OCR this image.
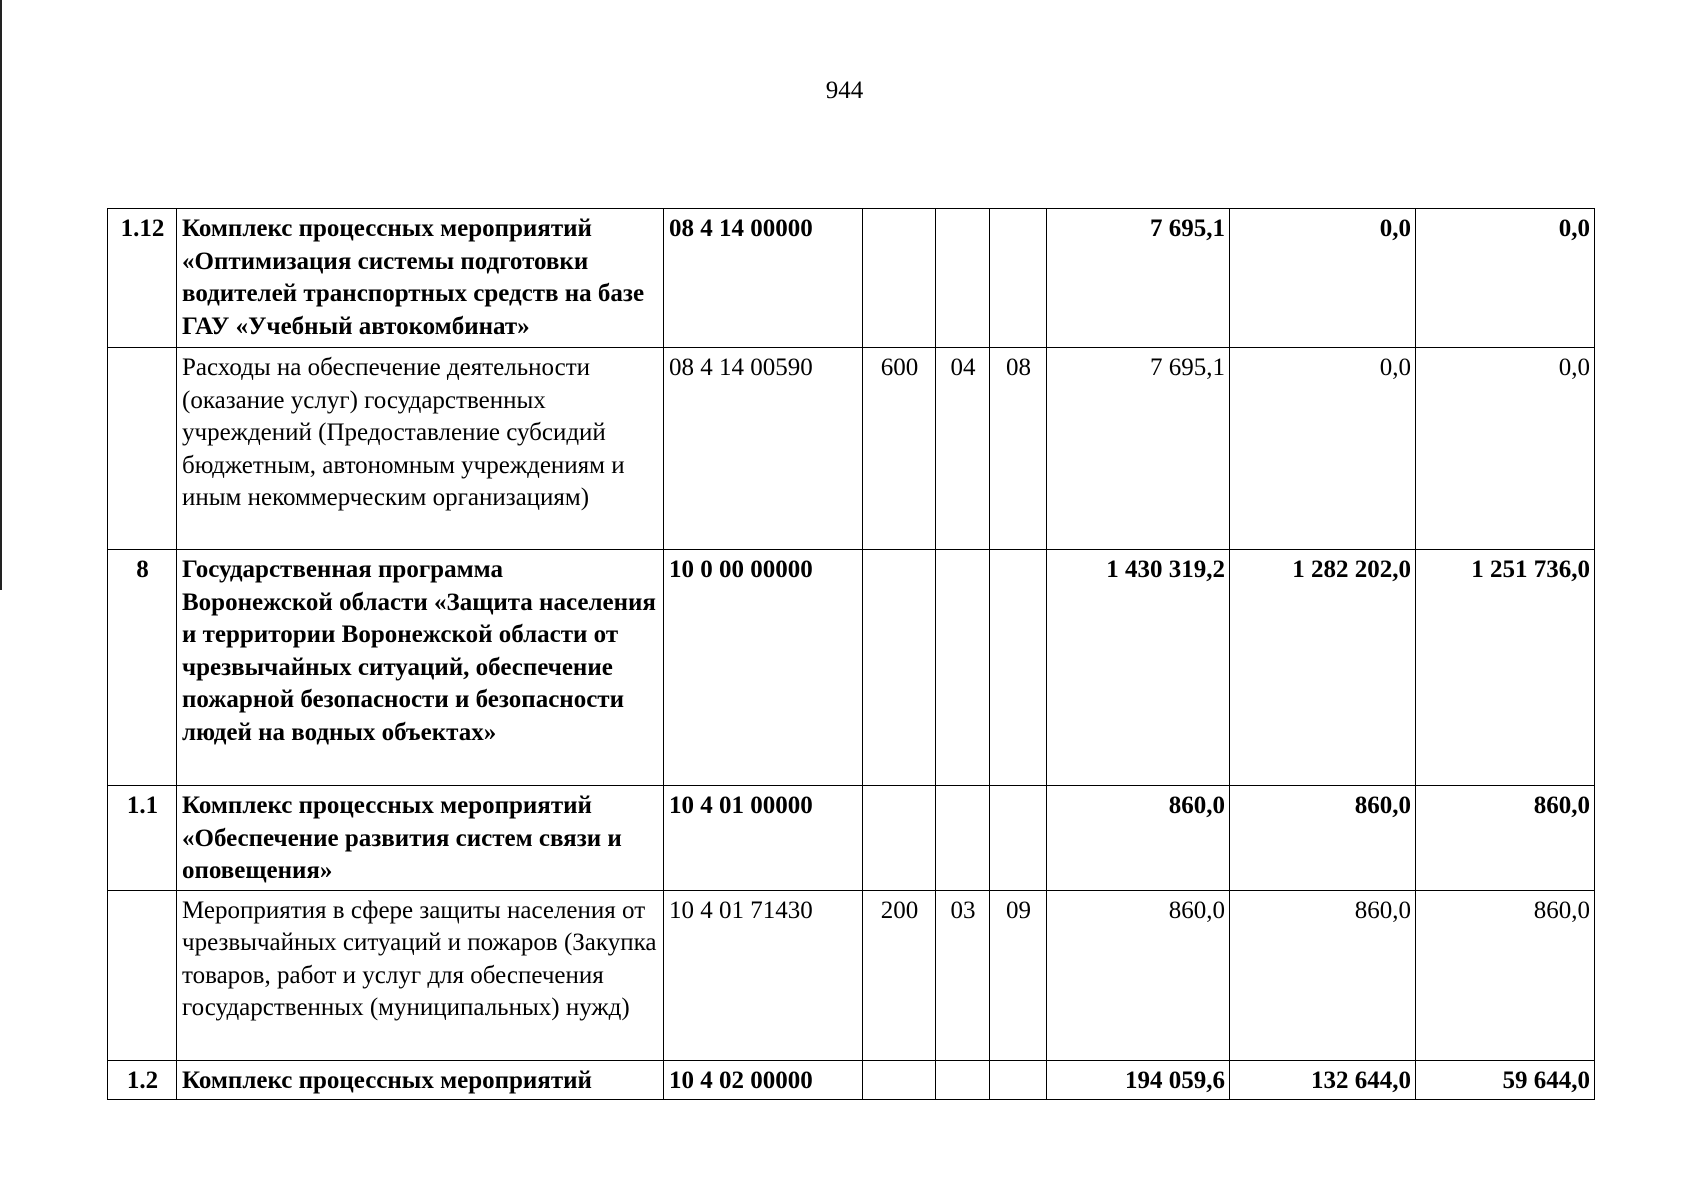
944
1.12	Комплекс процессных мероприятий «Оптимизация системы подготовки водителей транспортных средств на базе ГАУ «Учебный автокомбинат»	08 4 14 00000				7 695,1	0,0	0,0
	Расходы на обеспечение деятельности (оказание услуг) государственных учреждений (Предоставление субсидий бюджетным, автономным учреждениям и иным некоммерческим организациям)	08 4 14 00590	600	04	08	7 695,1	0,0	0,0
8	Государственная программа Воронежской области «Защита населения и территории Воронежской области от чрезвычайных ситуаций, обеспечение пожарной безопасности и безопасности людей на водных объектах»	10 0 00 00000				1 430 319,2	1 282 202,0	1 251 736,0
1.1	Комплекс процессных мероприятий «Обеспечение развития систем связи и оповещения»	10 4 01 00000				860,0	860,0	860,0
	Мероприятия в сфере защиты населения от чрезвычайных ситуаций и пожаров (Закупка товаров, работ и услуг для обеспечения государственных (муниципальных) нужд)	10 4 01 71430	200	03	09	860,0	860,0	860,0
1.2	Комплекс процессных мероприятий	10 4 02 00000				194 059,6	132 644,0	59 644,0
